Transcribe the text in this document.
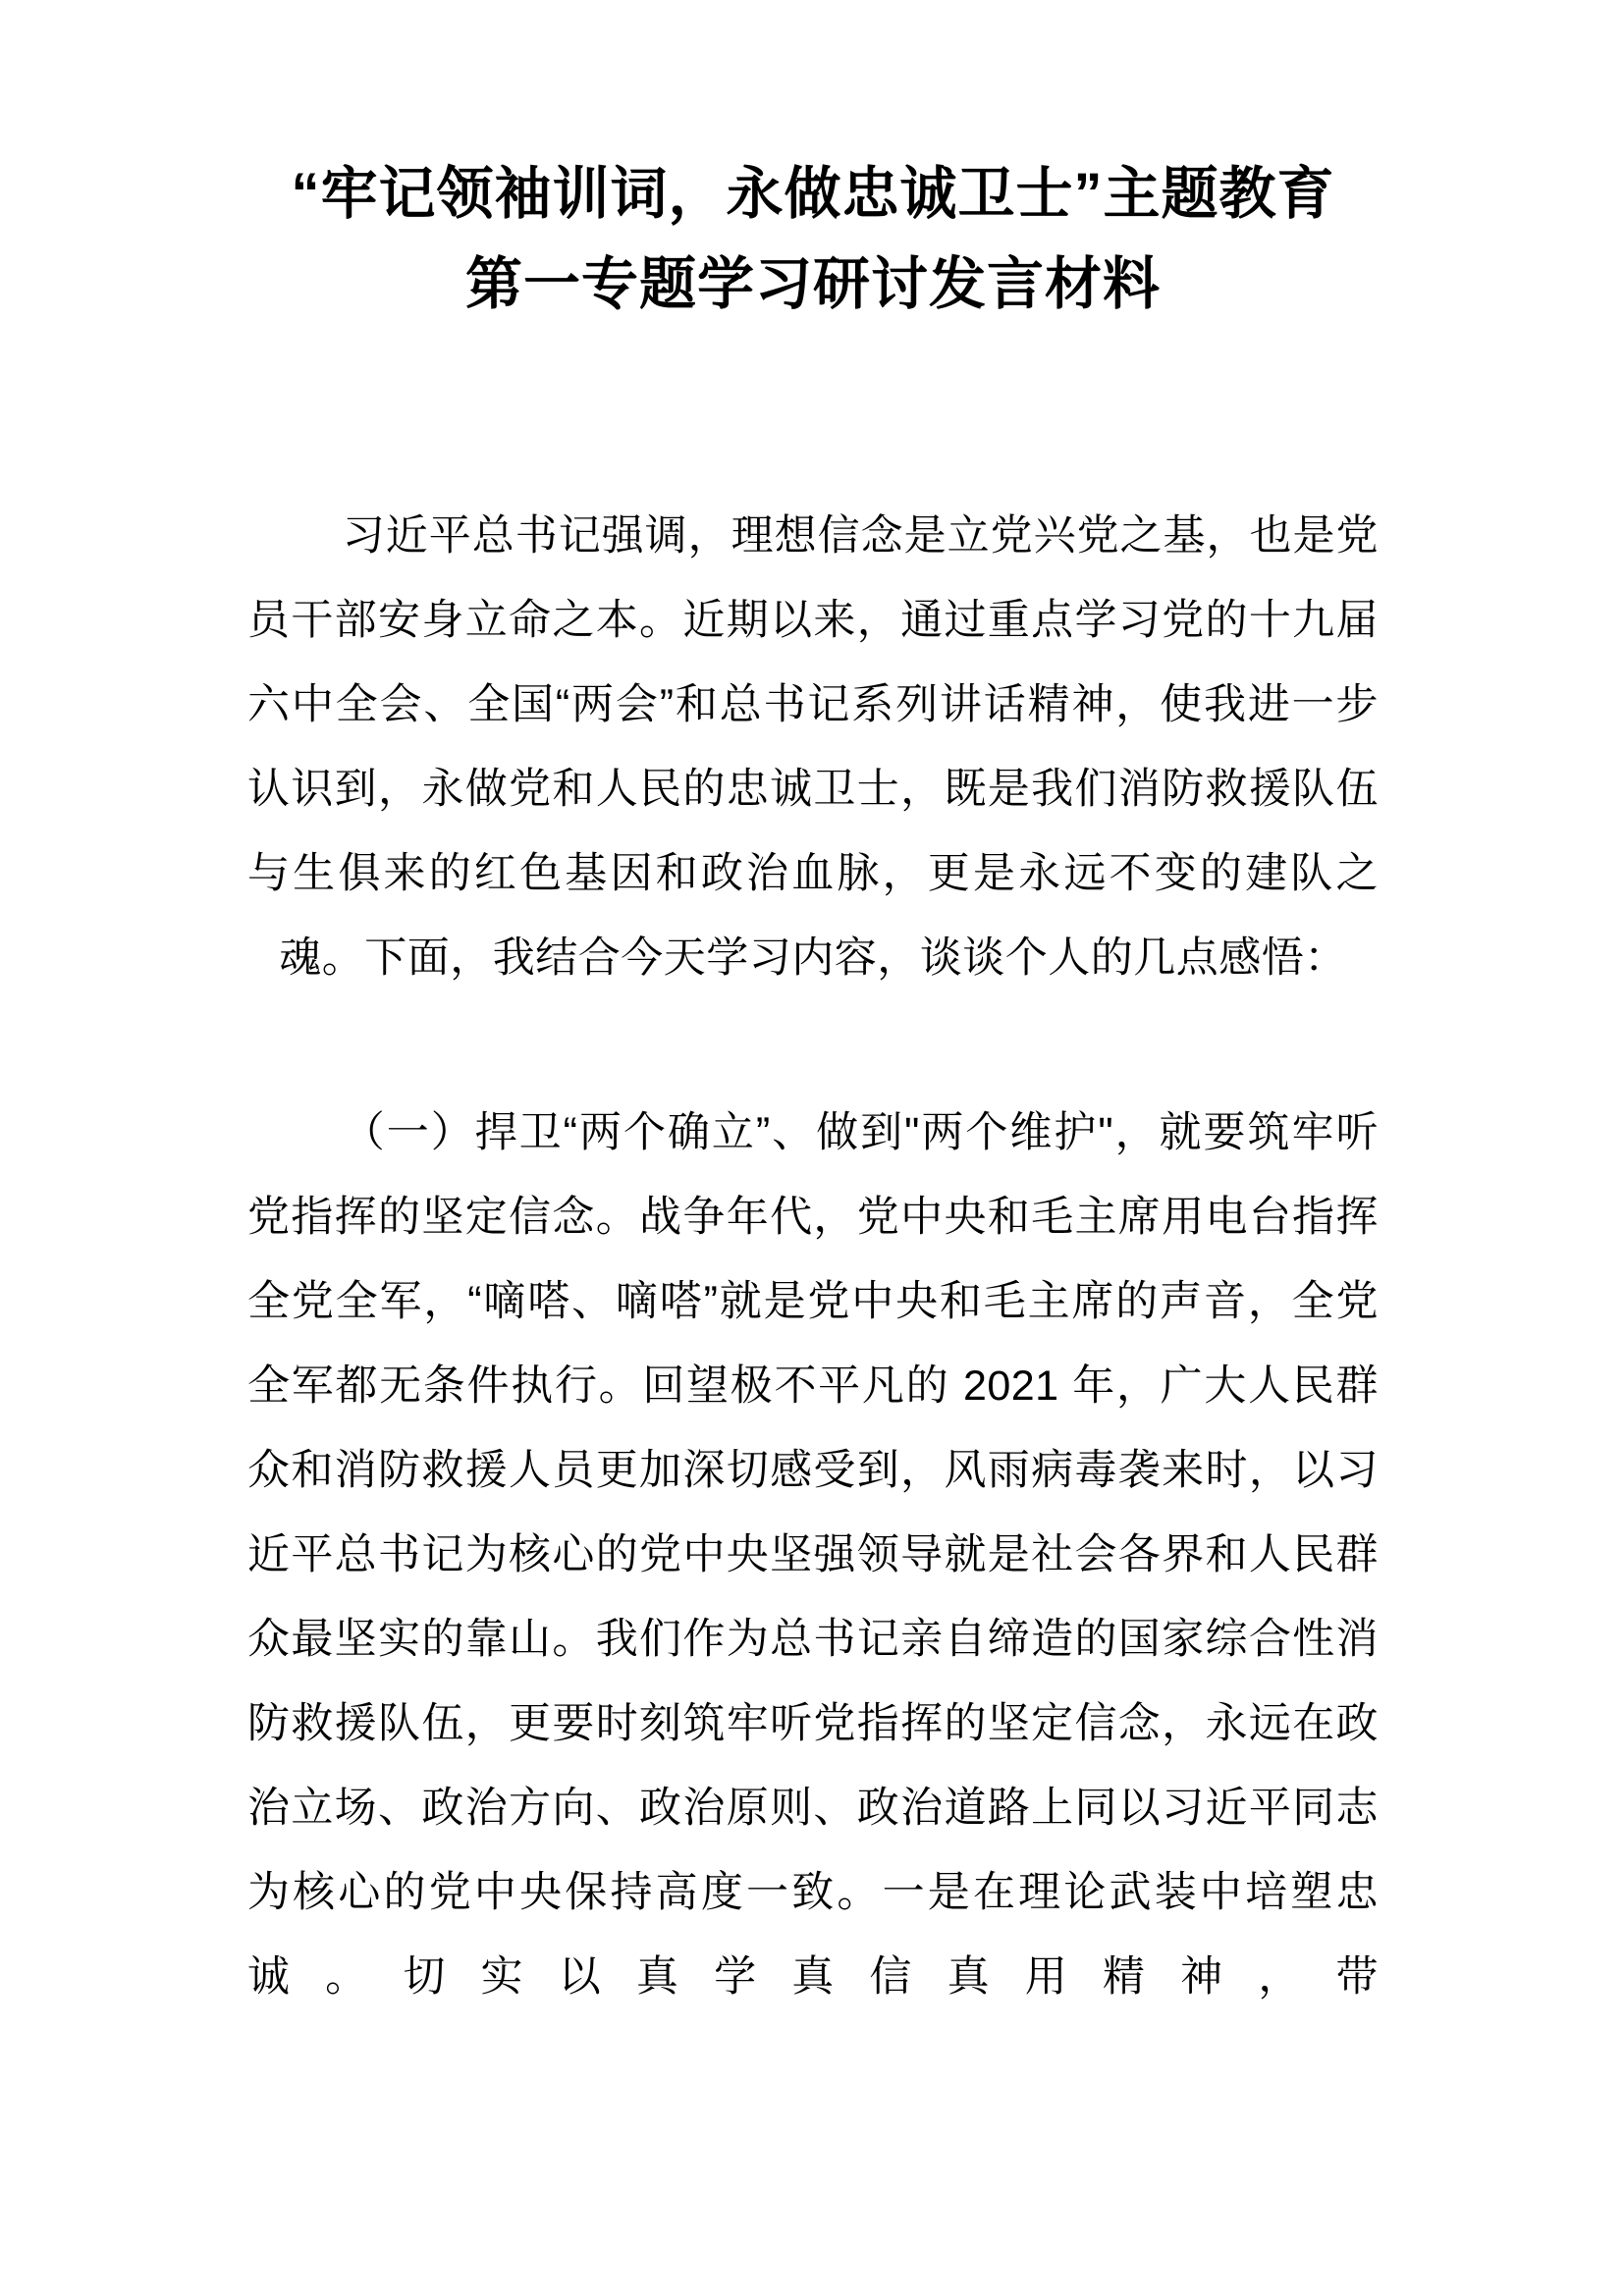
“牢记领袖训词，永做忠诚卫士”主题教育
第一专题学习研讨发言材料

习近平总书记强调，理想信念是立党兴党之基，也是党员干部安身立命之本。近期以来，通过重点学习党的十九届六中全会、全国“两会”和总书记系列讲话精神，使我进一步认识到，永做党和人民的忠诚卫士，既是我们消防救援队伍与生俱来的红色基因和政治血脉，更是永远不变的建队之魂。下面，我结合今天学习内容，谈谈个人的几点感悟：

（一）捍卫“两个确立”、做到"两个维护"，就要筑牢听党指挥的坚定信念。战争年代，党中央和毛主席用电台指挥全党全军，“嘀嗒、嘀嗒”就是党中央和毛主席的声音，全党全军都无条件执行。回望极不平凡的 2021 年，广大人民群众和消防救援人员更加深切感受到，风雨病毒袭来时，以习近平总书记为核心的党中央坚强领导就是社会各界和人民群众最坚实的靠山。我们作为总书记亲自缔造的国家综合性消防救援队伍，更要时刻筑牢听党指挥的坚定信念，永远在政治立场、政治方向、政治原则、政治道路上同以习近平同志为核心的党中央保持高度一致。一是在理论武装中培塑忠诚。切实以真学真信真用精神，带
